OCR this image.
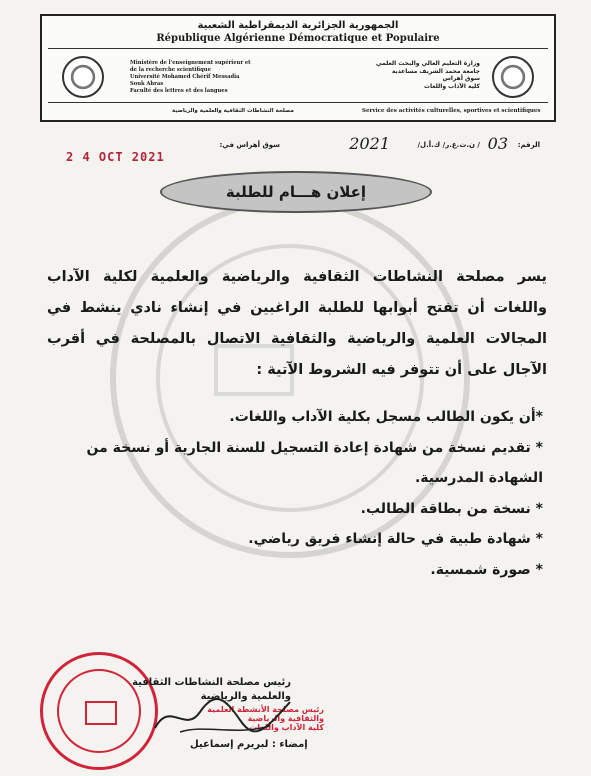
الجمهورية الجزائرية الديمقراطية الشعبية
République Algérienne Démocratique et Populaire
Ministère de l'enseignement supérieur et
de la recherche scientifique
Université Mohamed Chérif Messadia
Souk Ahras
Faculté des lettres et des langues
وزارة التعليم العالي والبحث العلمي
جامعة محمد الشريف مساعدية
سوق أهراس
كلية الآداب واللغات
مصلحة النشاطات الثقافية والعلمية والرياضية	Service des activités culturelles, sportives et scientifiques
الرقم:
03
/ ن.ث.ع.ر/ ك.أ.ل/
2021
سوق أهراس في:
2 4 OCT 2021
إعلان هـــام للطلبة

يسر مصلحة النشاطات الثقافية والرياضية والعلمية لكلية الآداب واللغات أن تفتح أبوابها للطلبة الراغبين في إنشاء نادي ينشط في المجالات العلمية والرياضية والثقافية الاتصال بالمصلحة في أقرب الآجال على أن تتوفر فيه الشروط الآتية :

*أن يكون الطالب مسجل بكلية الآداب واللغات.
* تقديم نسخة من شهادة إعادة التسجيل للسنة الجارية أو نسخة من الشهادة المدرسية.
* نسخة من بطاقة الطالب.
* شهادة طبية في حالة إنشاء فريق رياضي.
* صورة شمسية.
رئيس مصلحة الأنشطة العلمية
والثقافية والرياضية
كلية الآداب واللغات
رئيس مصلحة النشاطات الثقافية
والعلمية والرياضية
إمضاء : لبريرم إسماعيل
